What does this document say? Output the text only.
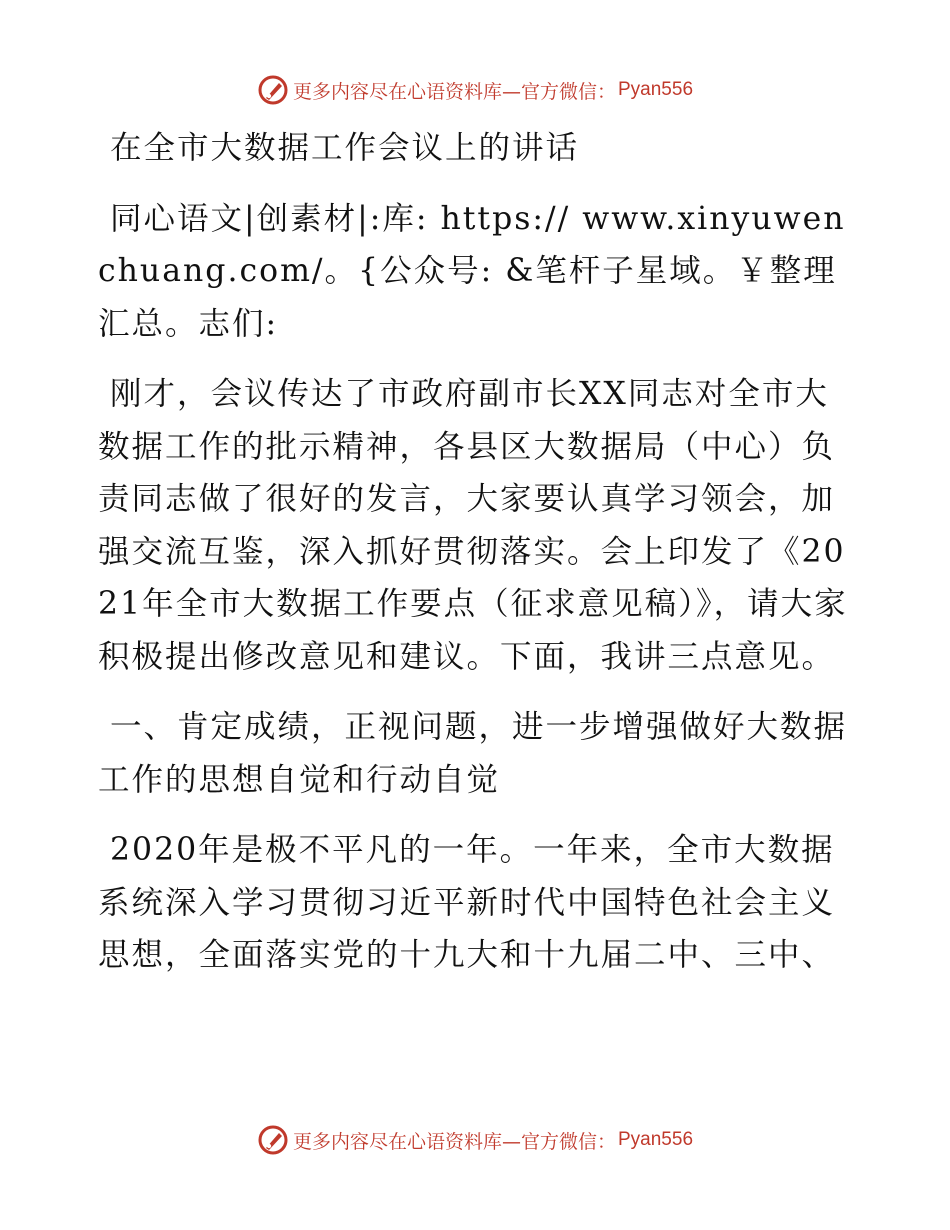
更多内容尽在心语资料库 —官方微信： Pyan556

在全市大数据工作会议上的讲话

同心语文|创素材|:库: https:// www.xinyuwenchuang.com/。{公众号: &笔杆子星域。￥整理汇总。志们:

刚才，会议传达了市政府副市长XX同志对全市大数据工作的批示精神，各县区大数据局（中心）负责同志做了很好的发言，大家要认真学习领会，加强交流互鉴，深入抓好贯彻落实。会上印发了《2021年全市大数据工作要点（征求意见稿）》，请大家积极提出修改意见和建议。下面，我讲三点意见。

一、肯定成绩，正视问题，进一步增强做好大数据工作的思想自觉和行动自觉

2020年是极不平凡的一年。一年来，全市大数据系统深入学习贯彻习近平新时代中国特色社会主义思想，全面落实党的十九大和十九届二中、三中、

更多内容尽在心语资料库 —官方微信： Pyan556
